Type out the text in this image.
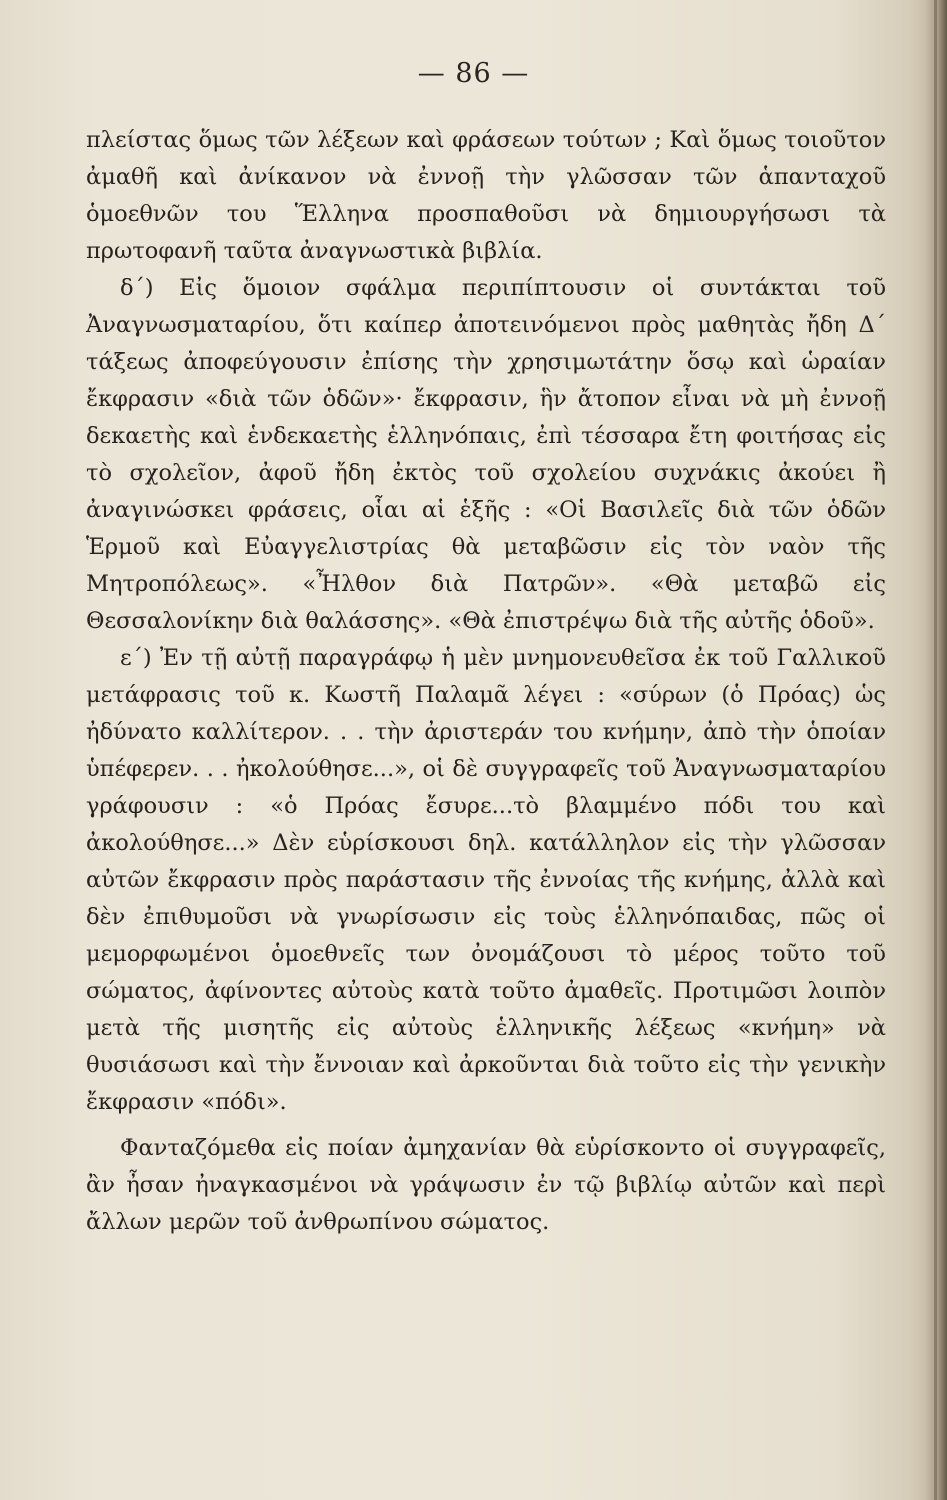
— 86 —

πλείστας ὅμως τῶν λέξεων καὶ φράσεων τούτων ; Καὶ ὅμως τοιοῦτον ἀμαθῆ καὶ ἀνίκανον νὰ ἐννοῇ τὴν γλῶσσαν τῶν ἁπανταχοῦ ὁμοεθνῶν του Ἕλληνα προσπαθοῦσι νὰ δημιουργήσωσι τὰ πρωτοφανῆ ταῦτα ἀναγνωστικὰ βιβλία.

δ΄) Εἰς ὅμοιον σφάλμα περιπίπτουσιν οἱ συντάκται τοῦ Ἀναγνωσματαρίου, ὅτι καίπερ ἀποτεινόμενοι πρὸς μαθητὰς ἤδη Δ΄ τάξεως ἀποφεύγουσιν ἐπίσης τὴν χρησιμωτάτην ὅσῳ καὶ ὡραίαν ἔκφρασιν «διὰ τῶν ὁδῶν»· ἔκφρασιν, ἣν ἄτοπον εἶναι νὰ μὴ ἐννοῇ δεκαετὴς καὶ ἑνδεκαετὴς ἑλληνόπαις, ἐπὶ τέσσαρα ἔτη φοιτήσας εἰς τὸ σχολεῖον, ἀφοῦ ἤδη ἐκτὸς τοῦ σχολείου συχνάκις ἀκούει ἢ ἀναγινώσκει φράσεις, οἷαι αἱ ἑξῆς : «Οἱ Βασιλεῖς διὰ τῶν ὁδῶν Ἑρμοῦ καὶ Εὐαγγελιστρίας θὰ μεταβῶσιν εἰς τὸν ναὸν τῆς Μητροπόλεως». «Ἦλθον διὰ Πατρῶν». «Θὰ μεταβῶ εἰς Θεσσαλονίκην διὰ θαλάσσης». «Θὰ ἐπιστρέψω διὰ τῆς αὐτῆς ὁδοῦ».

ε΄) Ἐν τῇ αὐτῇ παραγράφῳ ἡ μὲν μνημονευθεῖσα ἐκ τοῦ Γαλλικοῦ μετάφρασις τοῦ κ. Κωστῆ Παλαμᾶ λέγει : «σύρων (ὁ Πρόας) ὡς ἠδύνατο καλλίτερον. . . τὴν ἀριστεράν του κνήμην, ἀπὸ τὴν ὁποίαν ὑπέφερεν. . . ἠκολούθησε...», οἱ δὲ συγγραφεῖς τοῦ Ἀναγνωσματαρίου γράφουσιν : «ὁ Πρόας ἔσυρε...τὸ βλαμμένο πόδι του καὶ ἀκολούθησε...» Δὲν εὑρίσκουσι δηλ. κατάλληλον εἰς τὴν γλῶσσαν αὐτῶν ἔκφρασιν πρὸς παράστασιν τῆς ἐννοίας τῆς κνήμης, ἀλλὰ καὶ δὲν ἐπιθυμοῦσι νὰ γνωρίσωσιν εἰς τοὺς ἑλληνόπαιδας, πῶς οἱ μεμορφωμένοι ὁμοεθνεῖς των ὀνομάζουσι τὸ μέρος τοῦτο τοῦ σώματος, ἀφίνοντες αὐτοὺς κατὰ τοῦτο ἀμαθεῖς. Προτιμῶσι λοιπὸν μετὰ τῆς μισητῆς εἰς αὐτοὺς ἑλληνικῆς λέξεως «κνήμη» νὰ θυσιάσωσι καὶ τὴν ἔννοιαν καὶ ἀρκοῦνται διὰ τοῦτο εἰς τὴν γενικὴν ἔκφρασιν «πόδι».

Φανταζόμεθα εἰς ποίαν ἀμηχανίαν θὰ εὑρίσκοντο οἱ συγγραφεῖς, ἂν ἦσαν ἠναγκασμένοι νὰ γράψωσιν ἐν τῷ βιβλίῳ αὐτῶν καὶ περὶ ἄλλων μερῶν τοῦ ἀνθρωπίνου σώματος.
